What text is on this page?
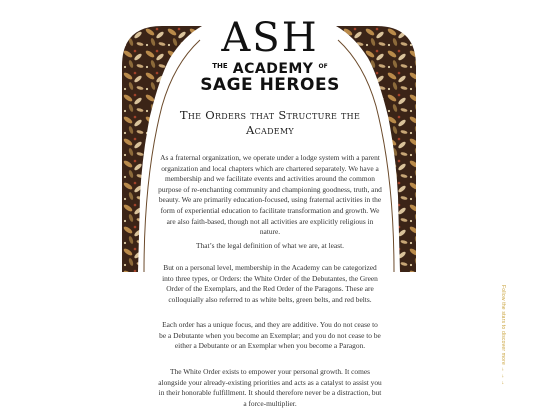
ASH
$^{THE}$ ACADEMY $^{OF}$
SAGE HEROES
The Orders that Structure the
Academy

As a fraternal organization, we operate under a lodge system with a parent organization and local chapters which are chartered separately. We have a membership and we facilitate events and activities around the common purpose of re-enchanting community and championing goodness, truth, and beauty. We are primarily education-focused, using fraternal activities in the form of experiential education to facilitate transformation and growth. We are also faith-based, though not all activities are explicitly religious in nature.

That’s the legal definition of what we are, at least.

But on a personal level, membership in the Academy can be categorized into three types, or Orders: the White Order of the Debutantes, the Green Order of the Exemplars, and the Red Order of the Paragons. These are colloquially also referred to as white belts, green belts, and red belts.

Each order has a unique focus, and they are additive. You do not cease to be a Debutante when you become an Exemplar; and you do not cease to be either a Debutante or an Exemplar when you become a Paragon.

The White Order exists to empower your personal growth. It comes alongside your already-existing priorities and acts as a catalyst to assist you in their honorable fulfillment. It should therefore never be a distraction, but a force-multiplier.

Follow the stars to discover more → → →
